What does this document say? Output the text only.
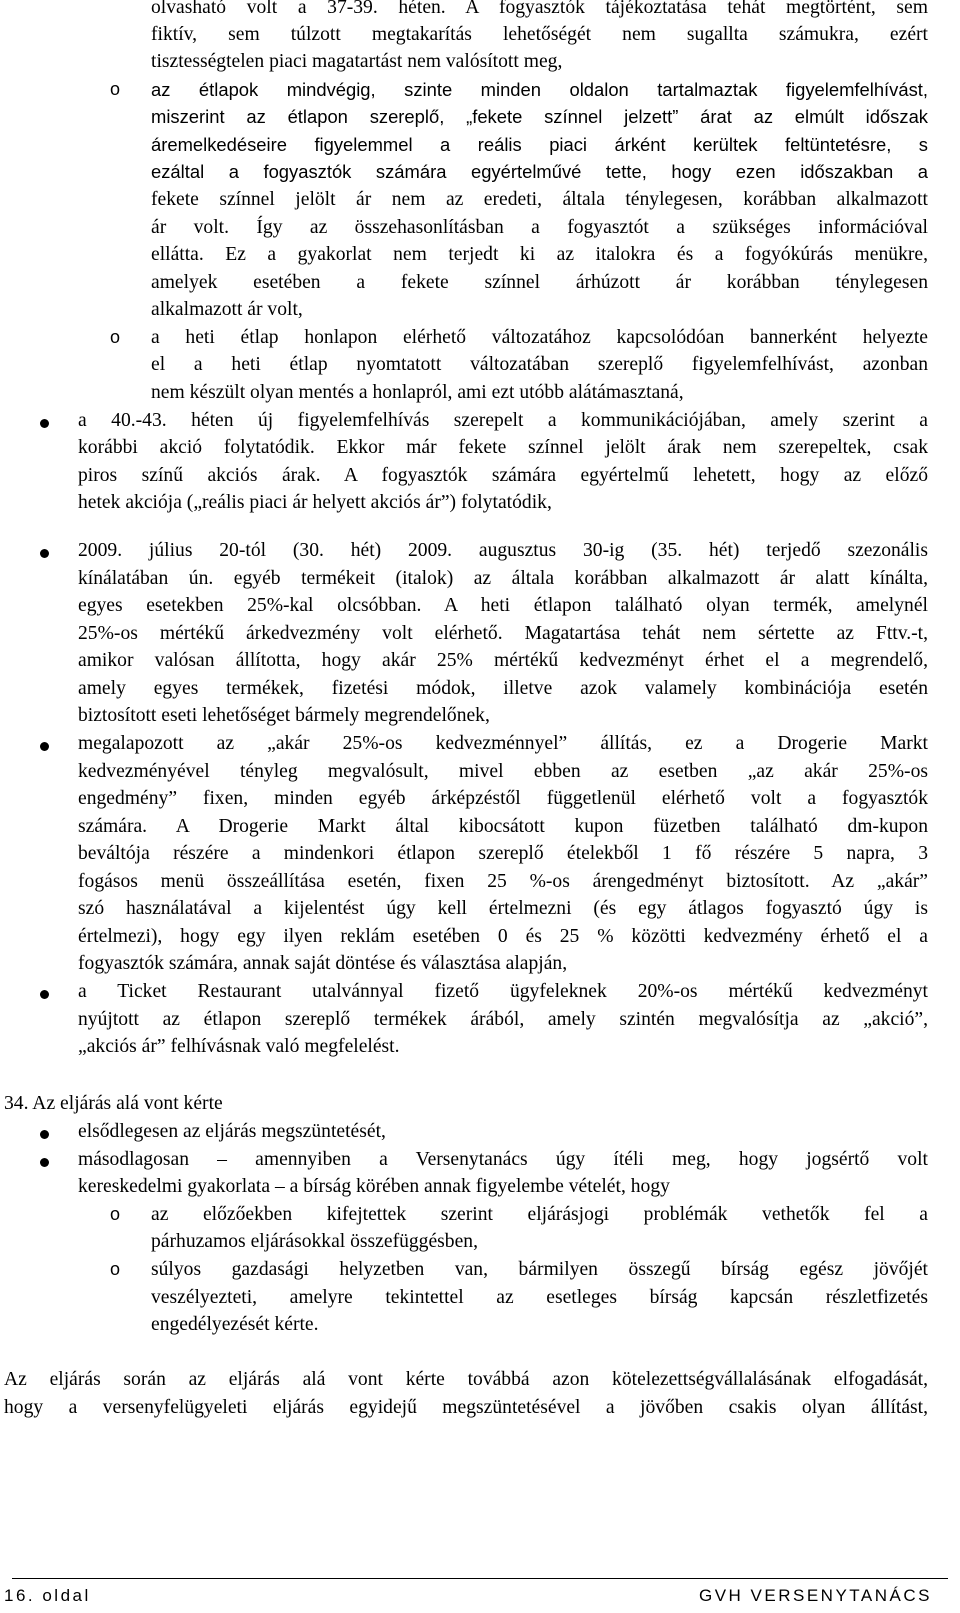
olvasható volt a 37-39. héten. A fogyasztók tájékoztatása tehát megtörtént, sem
fiktív, sem túlzott megtakarítás lehetőségét nem sugallta számukra, ezért
tisztességtelen piaci magatartást nem valósított meg,
o az étlapok mindvégig, szinte minden oldalon tartalmaztak figyelemfelhívást,
miszerint az étlapon szereplő, „fekete színnel jelzett” árat az elmúlt időszak
áremelkedéseire figyelemmel a reális piaci árként kerültek feltüntetésre, s
ezáltal a fogyasztók számára egyértelművé tette, hogy ezen időszakban a
fekete színnel jelölt ár nem az eredeti, általa ténylegesen, korábban alkalmazott
ár volt. Így az összehasonlításban a fogyasztót a szükséges információval
ellátta. Ez a gyakorlat nem terjedt ki az italokra és a fogyókúrás menükre,
amelyek esetében a fekete színnel árhúzott ár korábban ténylegesen
alkalmazott ár volt,
o a heti étlap honlapon elérhető változatához kapcsolódóan bannerként helyezte
el a heti étlap nyomtatott változatában szereplő figyelemfelhívást, azonban
nem készült olyan mentés a honlapról, ami ezt utóbb alátámasztaná,
a 40.-43. héten új figyelemfelhívás szerepelt a kommunikációjában, amely szerint a
korábbi akció folytatódik. Ekkor már fekete színnel jelölt árak nem szerepeltek, csak
piros színű akciós árak. A fogyasztók számára egyértelmű lehetett, hogy az előző
hetek akciója („reális piaci ár helyett akciós ár”) folytatódik,
2009. július 20-tól (30. hét) 2009. augusztus 30-ig (35. hét) terjedő szezonális
kínálatában ún. egyéb termékeit (italok) az általa korábban alkalmazott ár alatt kínálta,
egyes esetekben 25%-kal olcsóbban. A heti étlapon található olyan termék, amelynél
25%-os mértékű árkedvezmény volt elérhető. Magatartása tehát nem sértette az Fttv.-t,
amikor valósan állította, hogy akár 25% mértékű kedvezményt érhet el a megrendelő,
amely egyes termékek, fizetési módok, illetve azok valamely kombinációja esetén
biztosított eseti lehetőséget bármely megrendelőnek,
megalapozott az „akár 25%-os kedvezménnyel” állítás, ez a Drogerie Markt
kedvezményével tényleg megvalósult, mivel ebben az esetben „az akár 25%-os
engedmény” fixen, minden egyéb árképzéstől függetlenül elérhető volt a fogyasztók
számára. A Drogerie Markt által kibocsátott kupon füzetben található dm-kupon
beváltója részére a mindenkori étlapon szereplő ételekből 1 fő részére 5 napra, 3
fogásos menü összeállítása esetén, fixen 25 %-os árengedményt biztosított. Az „akár”
szó használatával a kijelentést úgy kell értelmezni (és egy átlagos fogyasztó úgy is
értelmezi), hogy egy ilyen reklám esetében 0 és 25 % közötti kedvezmény érhető el a
fogyasztók számára, annak saját döntése és választása alapján,
a Ticket Restaurant utalvánnyal fizető ügyfeleknek 20%-os mértékű kedvezményt
nyújtott az étlapon szereplő termékek árából, amely szintén megvalósítja az „akció”,
„akciós ár” felhívásnak való megfelelést.
34. Az eljárás alá vont kérte
elsődlegesen az eljárás megszüntetését,
másodlagosan – amennyiben a Versenytanács úgy ítéli meg, hogy jogsértő volt
kereskedelmi gyakorlata – a bírság körében annak figyelembe vételét, hogy
o az előzőekben kifejtettek szerint eljárásjogi problémák vethetők fel a
párhuzamos eljárásokkal összefüggésben,
o súlyos gazdasági helyzetben van, bármilyen összegű bírság egész jövőjét
veszélyezteti, amelyre tekintettel az esetleges bírság kapcsán részletfizetés
engedélyezését kérte.
Az eljárás során az eljárás alá vont kérte továbbá azon kötelezettségvállalásának elfogadását,
hogy a versenyfelügyeleti eljárás egyidejű megszüntetésével a jövőben csakis olyan állítást,
16. oldal	GVH VERSENYTANÁCS
